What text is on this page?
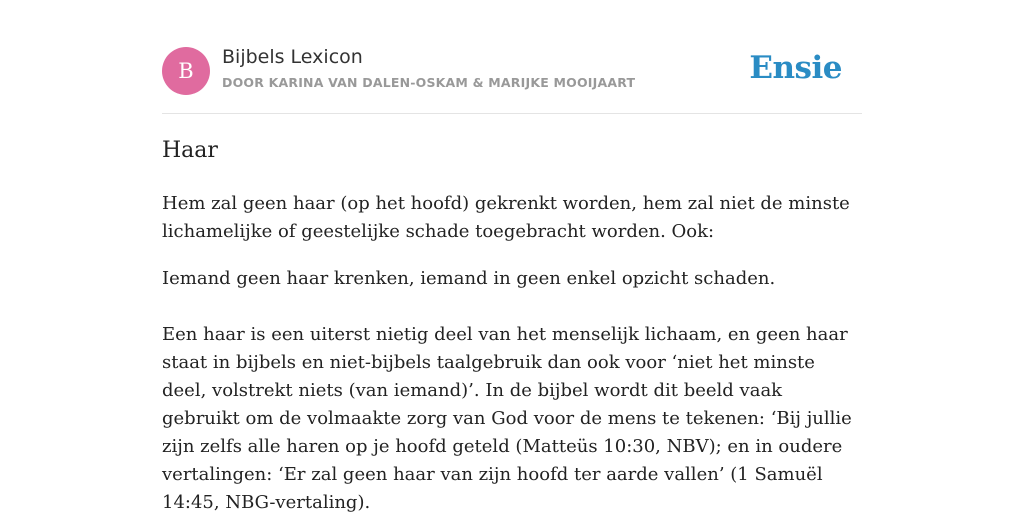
B
Bijbels Lexicon
DOOR KARINA VAN DALEN-OSKAM & MARIJKE MOOIJAART	Ensie
Haar

Hem zal geen haar (op het hoofd) gekrenkt worden, hem zal niet de minste lichamelijke of geestelijke schade toegebracht worden. Ook:

Iemand geen haar krenken, iemand in geen enkel opzicht schaden.

Een haar is een uiterst nietig deel van het menselijk lichaam, en geen haar staat in bijbels en niet-bijbels taalgebruik dan ook voor ‘niet het minste deel, volstrekt niets (van iemand)’. In de bijbel wordt dit beeld vaak gebruikt om de volmaakte zorg van God voor de mens te tekenen: ‘Bij jullie zijn zelfs alle haren op je hoofd geteld (Matteüs 10:30, NBV); en in oudere vertalingen: ‘Er zal geen haar van zijn hoofd ter aarde vallen’ (1 Samuël 14:45, NBG-vertaling).
